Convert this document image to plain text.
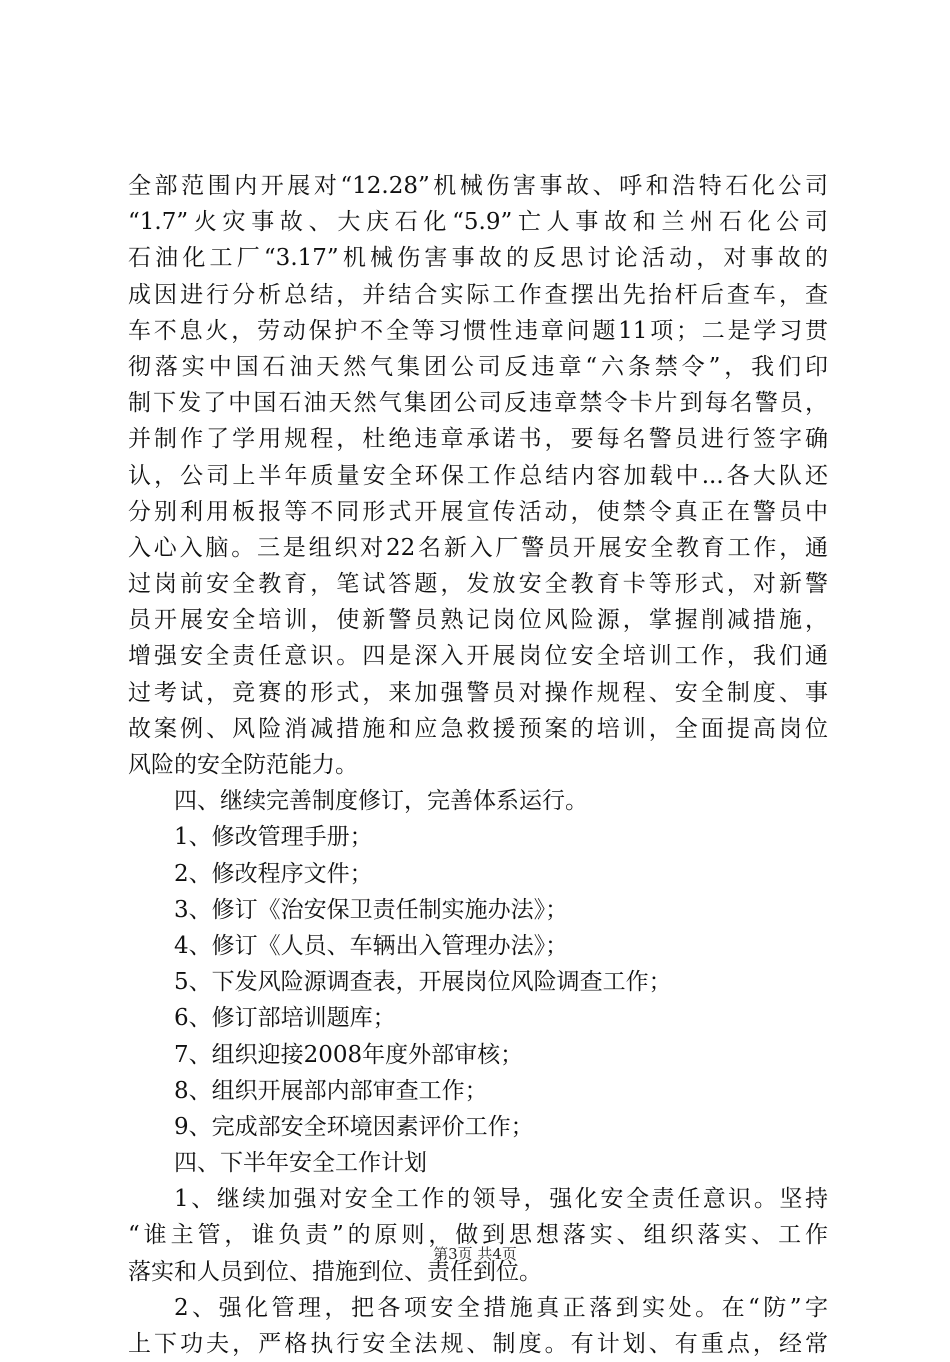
全部范围内开展对“12.28”机械伤害事故、呼和浩特石化公司
“1.7”火灾事故、大庆石化“5.9”亡人事故和兰州石化公司
石油化工厂“3.17”机械伤害事故的反思讨论活动，对事故的
成因进行分析总结，并结合实际工作查摆出先抬杆后查车，查
车不息火，劳动保护不全等习惯性违章问题11项；二是学习贯
彻落实中国石油天然气集团公司反违章“六条禁令”，我们印
制下发了中国石油天然气集团公司反违章禁令卡片到每名警员，
并制作了学用规程，杜绝违章承诺书，要每名警员进行签字确
认，公司上半年质量安全环保工作总结内容加载中...各大队还
分别利用板报等不同形式开展宣传活动，使禁令真正在警员中
入心入脑。三是组织对22名新入厂警员开展安全教育工作，通
过岗前安全教育，笔试答题，发放安全教育卡等形式，对新警
员开展安全培训，使新警员熟记岗位风险源，掌握削减措施，
增强安全责任意识。四是深入开展岗位安全培训工作，我们通
过考试，竞赛的形式，来加强警员对操作规程、安全制度、事
故案例、风险消减措施和应急救援预案的培训，全面提高岗位
风险的安全防范能力。
四、继续完善制度修订，完善体系运行。
1、修改管理手册；
2、修改程序文件；
3、修订《治安保卫责任制实施办法》；
4、修订《人员、车辆出入管理办法》；
5、下发风险源调查表，开展岗位风险调查工作；
6、修订部培训题库；
7、组织迎接2008年度外部审核；
8、组织开展部内部审查工作；
9、完成部安全环境因素评价工作；
四、下半年安全工作计划
1、继续加强对安全工作的领导，强化安全责任意识。坚持
“谁主管，谁负责”的原则，做到思想落实、组织落实、工作
落实和人员到位、措施到位、责任到位。
2、强化管理，把各项安全措施真正落到实处。在“防”字
上下功夫，严格执行安全法规、制度。有计划、有重点，经常
第3页 共4页
